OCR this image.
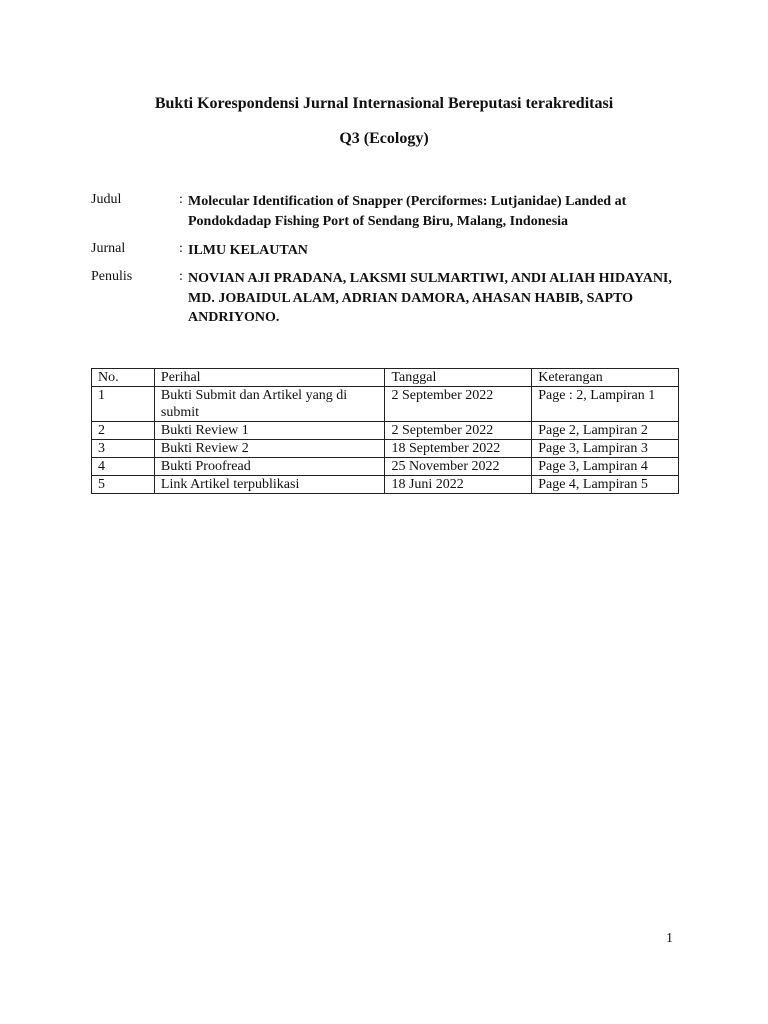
Bukti Korespondensi Jurnal Internasional Bereputasi terakreditasi
Q3 (Ecology)
Judul	: Molecular Identification of Snapper (Perciformes: Lutjanidae) Landed at Pondokdadap Fishing Port of Sendang Biru, Malang, Indonesia
Jurnal	: ILMU KELAUTAN
Penulis	: NOVIAN AJI PRADANA, LAKSMI SULMARTIWI, ANDI ALIAH HIDAYANI, MD. JOBAIDUL ALAM, ADRIAN DAMORA, AHASAN HABIB, SAPTO ANDRIYONO.
No.	Perihal	Tanggal	Keterangan
1	Bukti Submit dan Artikel yang di submit	2 September 2022	Page : 2, Lampiran 1
2	Bukti Review 1	2 September 2022	Page 2, Lampiran 2
3	Bukti Review 2	18 September 2022	Page 3, Lampiran 3
4	Bukti Proofread	25 November 2022	Page 3, Lampiran 4
5	Link Artikel terpublikasi	18 Juni 2022	Page 4, Lampiran 5
1
